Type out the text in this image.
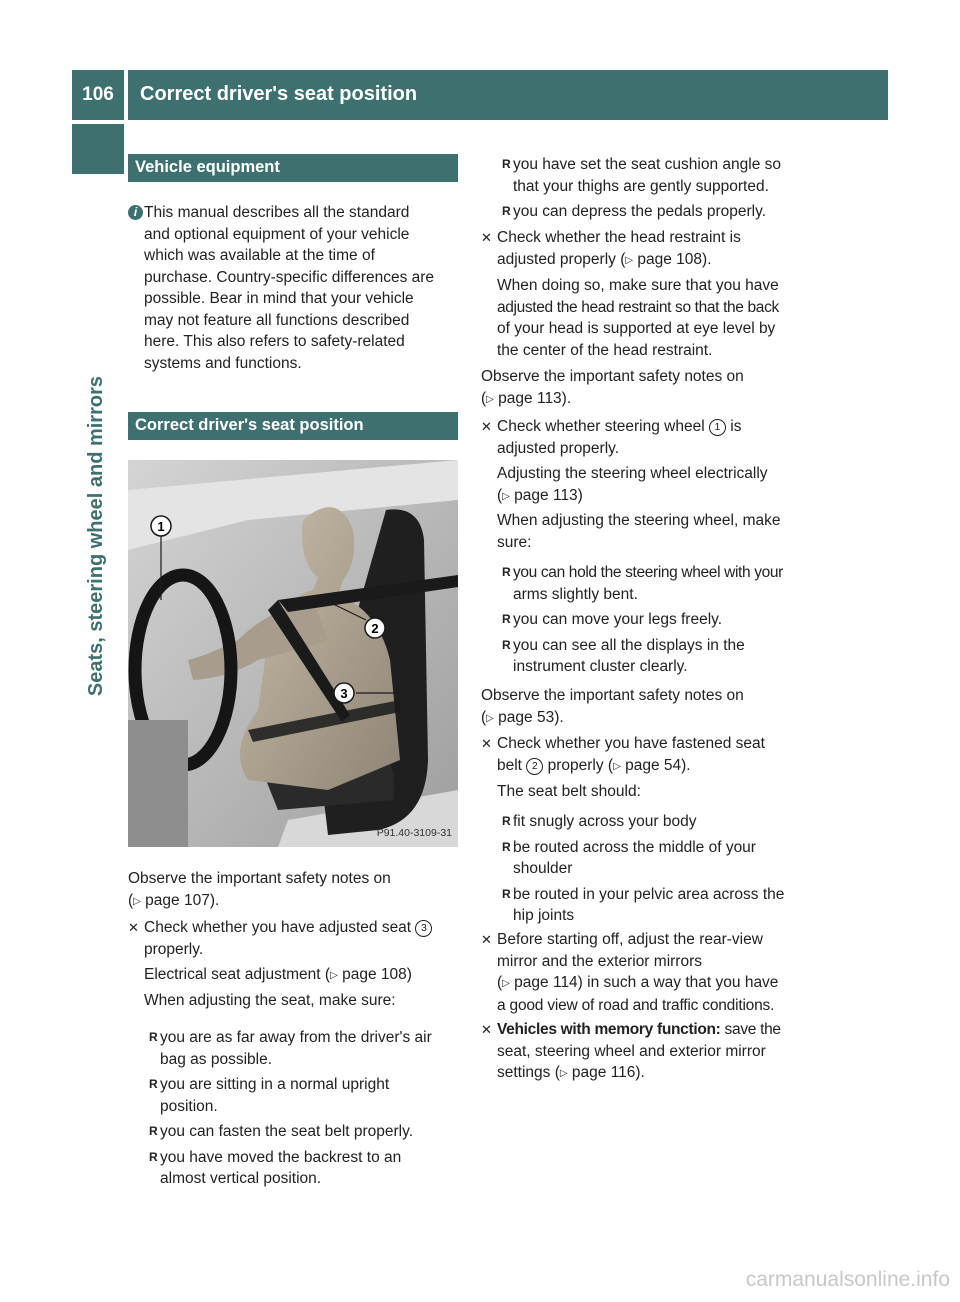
106	Correct driver's seat position
Seats, steering wheel and mirrors
Vehicle equipment
i This manual describes all the standard
and optional equipment of your vehicle
which was available at the time of
purchase. Country-specific differences are
possible. Bear in mind that your vehicle
may not feature all functions described
here. This also refers to safety-related
systems and functions.
Correct driver's seat position
1
2
3
P91.40-3109-31
Observe the important safety notes on
(▷ page 107).
✕ Check whether you have adjusted seat 3
properly.
Electrical seat adjustment (▷ page 108)
When adjusting the seat, make sure:
R you are as far away from the driver's air
bag as possible.
R you are sitting in a normal upright
position.
R you can fasten the seat belt properly.
R you have moved the backrest to an
almost vertical position.
R you have set the seat cushion angle so
that your thighs are gently supported.
R you can depress the pedals properly.
✕ Check whether the head restraint is
adjusted properly (▷ page 108).
When doing so, make sure that you have
adjusted the head restraint so that the back
of your head is supported at eye level by
the center of the head restraint.
Observe the important safety notes on
(▷ page 113).
✕ Check whether steering wheel 1 is
adjusted properly.
Adjusting the steering wheel electrically
(▷ page 113)
When adjusting the steering wheel, make
sure:
R you can hold the steering wheel with your
arms slightly bent.
R you can move your legs freely.
R you can see all the displays in the
instrument cluster clearly.
Observe the important safety notes on
(▷ page 53).
✕ Check whether you have fastened seat
belt 2 properly (▷ page 54).
The seat belt should:
R fit snugly across your body
R be routed across the middle of your
shoulder
R be routed in your pelvic area across the
hip joints
✕ Before starting off, adjust the rear-view
mirror and the exterior mirrors
(▷ page 114) in such a way that you have
a good view of road and traffic conditions.
✕ Vehicles with memory function: save the
seat, steering wheel and exterior mirror
settings (▷ page 116).
carmanualsonline.info
